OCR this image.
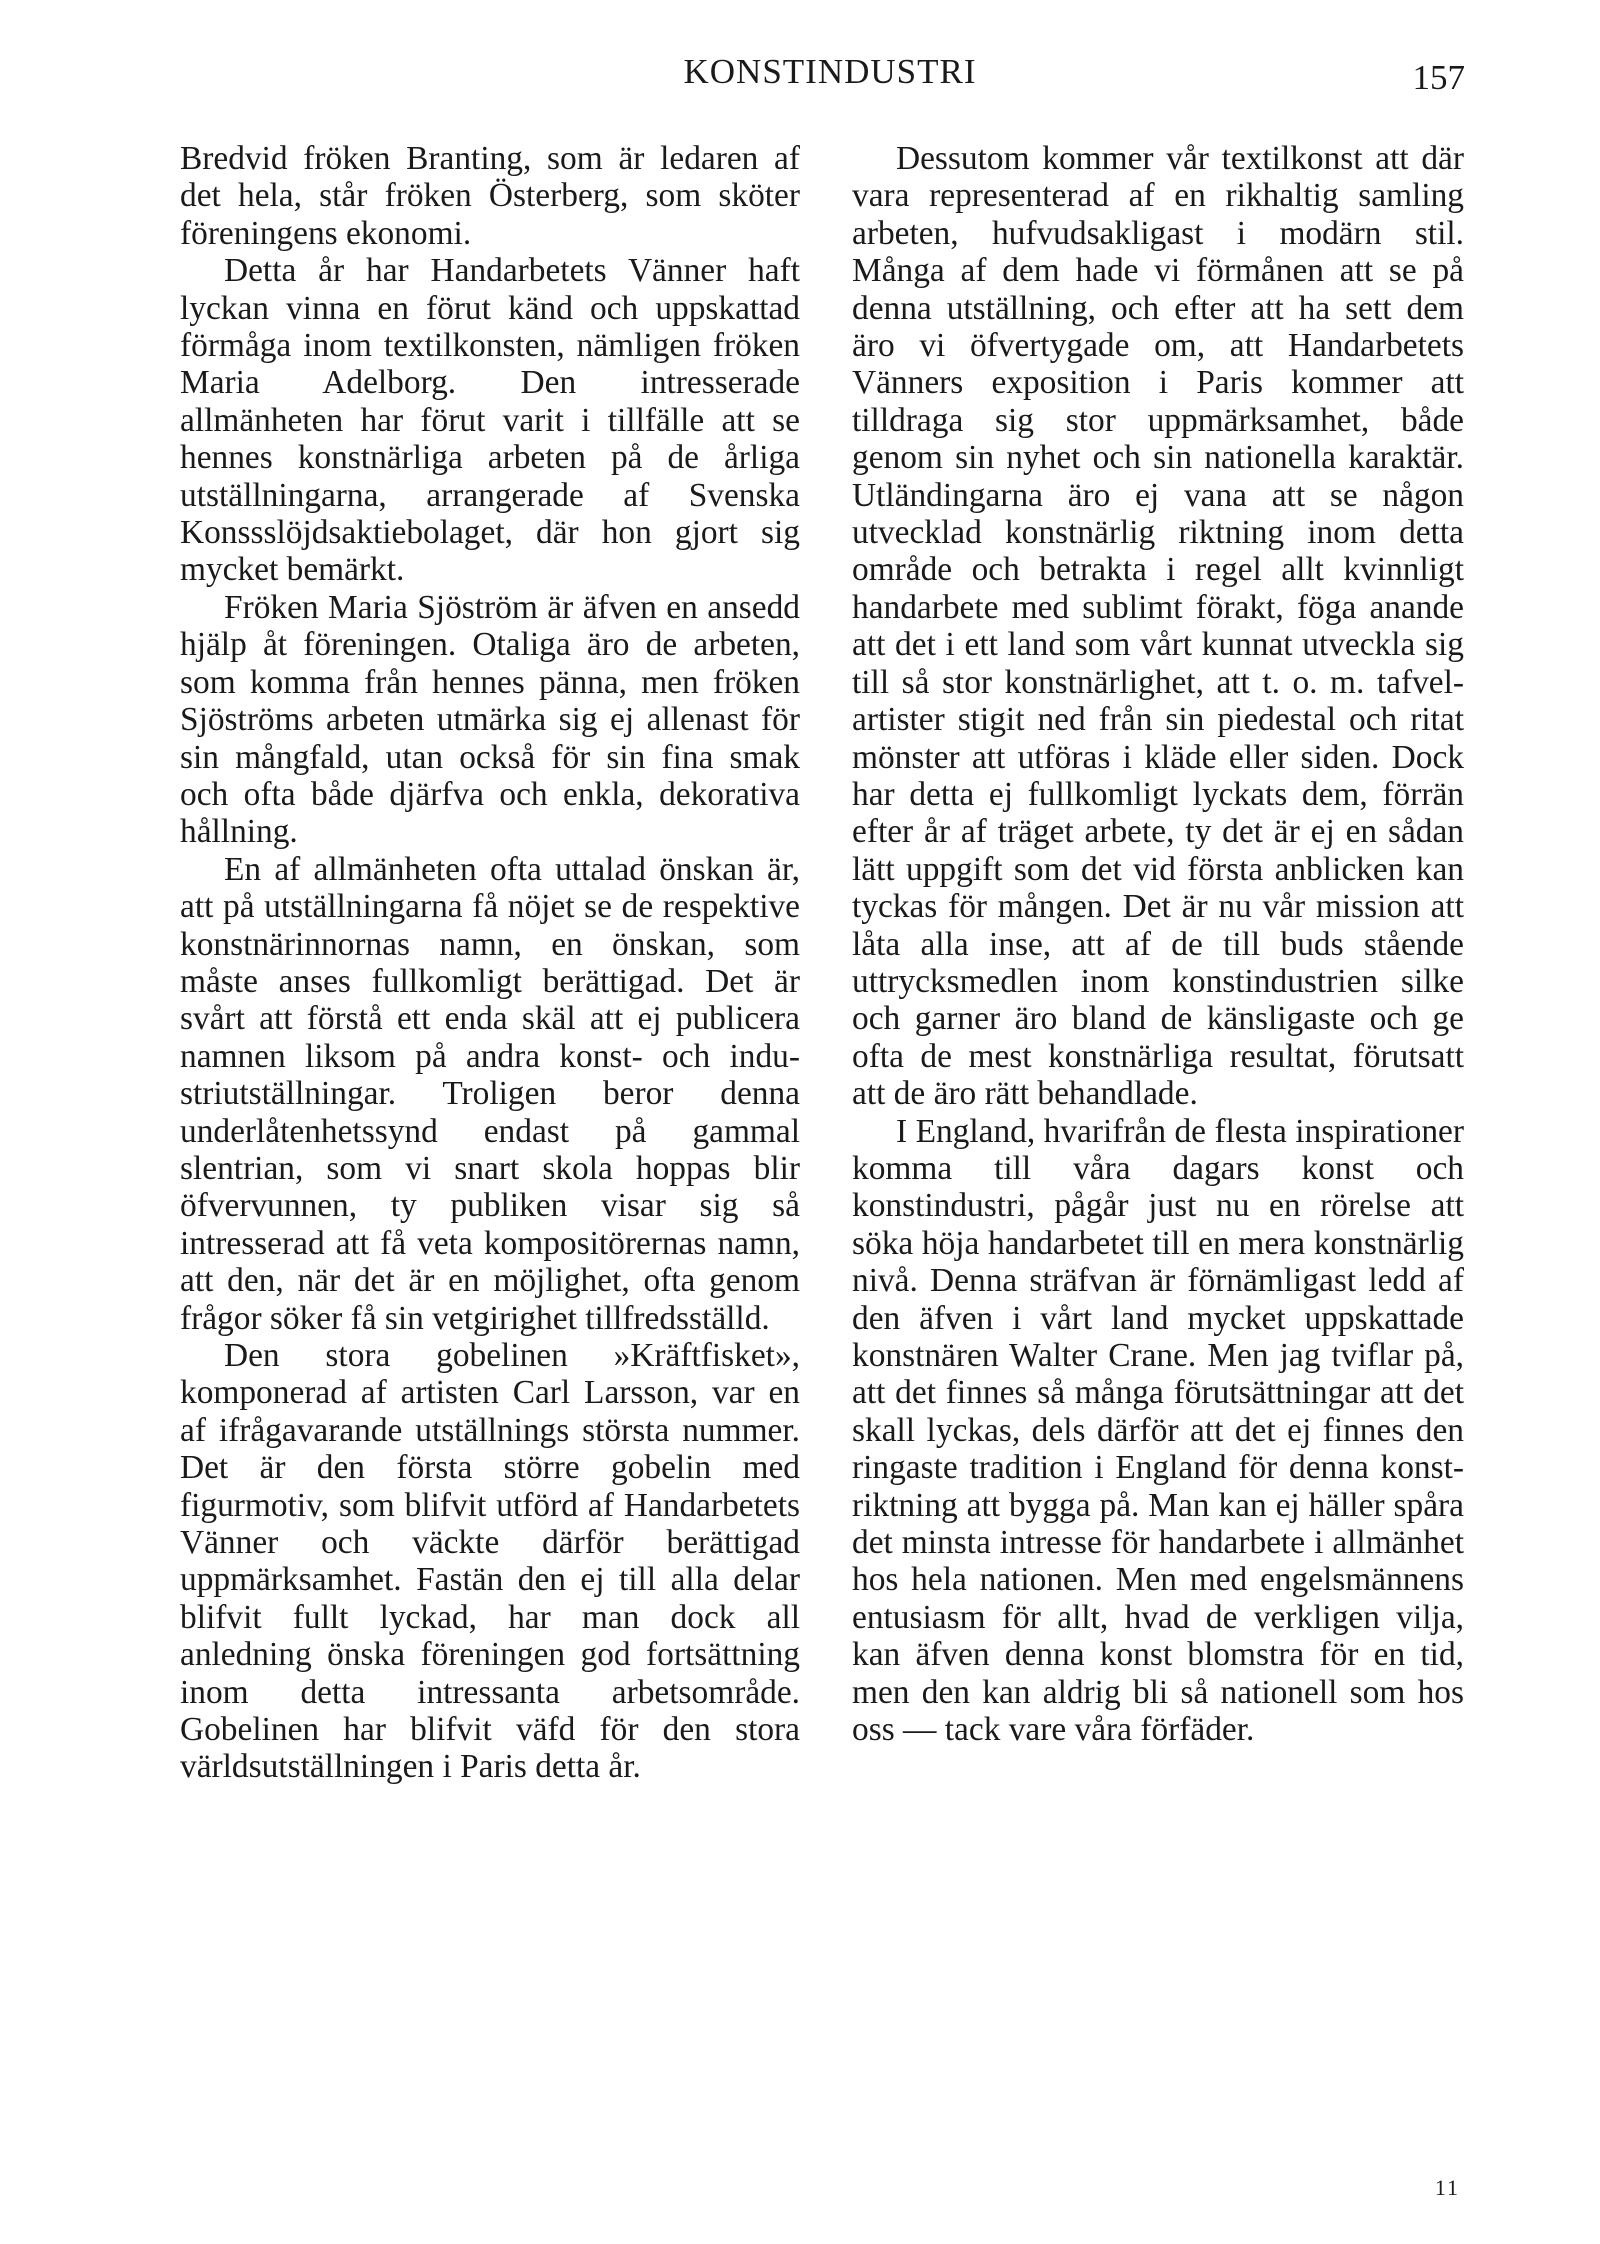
KONSTINDUSTRI	157

Bredvid fröken Branting, som är ledaren af det hela, står fröken Österberg, som sköter föreningens ekonomi.

Detta år har Handarbetets Vänner haft lyckan vinna en förut känd och uppskattad förmåga inom textilkonsten, nämligen fröken Maria Adelborg. Den intresserade allmänheten har förut varit i tillfälle att se hennes konstnärliga arbeten på de årliga utställningarna, arrangerade af Svenska Konssslöjdsaktiebolaget, där hon gjort sig mycket bemärkt.

Fröken Maria Sjöström är äfven en ansedd hjälp åt föreningen. Otaliga äro de arbeten, som komma från hennes pänna, men fröken Sjöströms arbeten utmärka sig ej allenast för sin mångfald, utan också för sin fina smak och ofta både djärfva och enkla, dekorativa hållning.

En af allmänheten ofta uttalad önskan är, att på utställningarna få nöjet se de respektive konstnärinnornas namn, en önskan, som måste anses fullkomligt berättigad. Det är svårt att förstå ett enda skäl att ej publicera namnen liksom på andra konst- och industriutställningar. Troligen beror denna underlåtenhetssynd endast på gammal slentrian, som vi snart skola hoppas blir öfvervunnen, ty publiken visar sig så intresserad att få veta kompositörernas namn, att den, när det är en möjlighet, ofta genom frågor söker få sin vetgirighet tillfredsställd.

Den stora gobelinen »Kräftfisket», komponerad af artisten Carl Larsson, var en af ifrågavarande utställnings största nummer. Det är den första större gobelin med figurmotiv, som blifvit utförd af Handarbetets Vänner och väckte därför berättigad uppmärksamhet. Fastän den ej till alla delar blifvit fullt lyckad, har man dock all anledning önska föreningen god fortsättning inom detta intressanta arbetsområde. Gobelinen har blifvit väfd för den stora världsutställningen i Paris detta år.

Dessutom kommer vår textilkonst att där vara representerad af en rikhaltig samling arbeten, hufvudsakligast i modärn stil. Många af dem hade vi förmånen att se på denna utställning, och efter att ha sett dem äro vi öfvertygade om, att Handarbetets Vänners exposition i Paris kommer att tilldraga sig stor uppmärksamhet, både genom sin nyhet och sin nationella karaktär. Utländingarna äro ej vana att se någon utvecklad konstnärlig riktning inom detta område och betrakta i regel allt kvinnligt handarbete med sublimt förakt, föga anande att det i ett land som vårt kunnat utveckla sig till så stor konstnärlighet, att t. o. m. tafvelartister stigit ned från sin piedestal och ritat mönster att utföras i kläde eller siden. Dock har detta ej fullkomligt lyckats dem, förrän efter år af träget arbete, ty det är ej en sådan lätt uppgift som det vid första anblicken kan tyckas för mången. Det är nu vår mission att låta alla inse, att af de till buds stående uttrycksmedlen inom konstindustrien silke och garner äro bland de känsligaste och ge ofta de mest konstnärliga resultat, förutsatt att de äro rätt behandlade.

I England, hvarifrån de flesta inspirationer komma till våra dagars konst och konstindustri, pågår just nu en rörelse att söka höja handarbetet till en mera konstnärlig nivå. Denna sträfvan är förnämligast ledd af den äfven i vårt land mycket uppskattade konstnären Walter Crane. Men jag tviflar på, att det finnes så många förutsättningar att det skall lyckas, dels därför att det ej finnes den ringaste tradition i England för denna konstriktning att bygga på. Man kan ej häller spåra det minsta intresse för handarbete i allmänhet hos hela nationen. Men med engelsmännens entusiasm för allt, hvad de verkligen vilja, kan äfven denna konst blomstra för en tid, men den kan aldrig bli så nationell som hos oss — tack vare våra förfäder.

11
